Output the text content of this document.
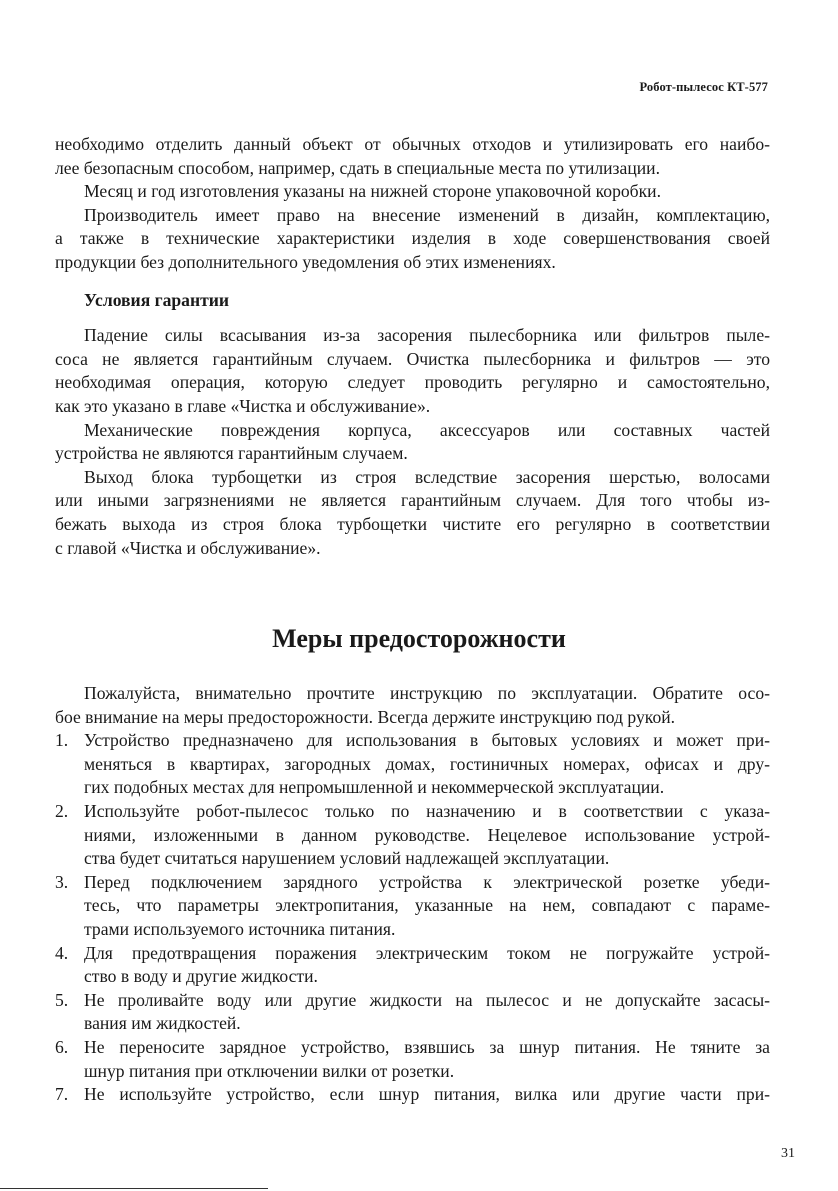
Робот-пылесос КТ-577

необходимо отделить данный объект от обычных отходов и утилизировать его наибо-
лее безопасным способом, например, сдать в специальные места по утилизации.

Месяц и год изготовления указаны на нижней стороне упаковочной коробки.

Производитель имеет право на внесение изменений в дизайн, комплектацию,
а также в технические характеристики изделия в ходе совершенствования своей
продукции без дополнительного уведомления об этих изменениях.

Условия гарантии

Падение силы всасывания из-за засорения пылесборника или фильтров пыле-
соса не является гарантийным случаем. Очистка пылесборника и фильтров — это
необходимая операция, которую следует проводить регулярно и самостоятельно,
как это указано в главе «Чистка и обслуживание».

Механические повреждения корпуса, аксессуаров или составных частей
устройства не являются гарантийным случаем.

Выход блока турбощетки из строя вследствие засорения шерстью, волосами
или иными загрязнениями не является гарантийным случаем. Для того чтобы из-
бежать выхода из строя блока турбощетки чистите его регулярно в соответствии
с главой «Чистка и обслуживание».

Меры предосторожности

Пожалуйста, внимательно прочтите инструкцию по эксплуатации. Обратите осо-
бое внимание на меры предосторожности. Всегда держите инструкцию под рукой.

1. Устройство предназначено для использования в бытовых условиях и может при-
меняться в квартирах, загородных домах, гостиничных номерах, офисах и дру-
гих подобных местах для непромышленной и некоммерческой эксплуатации.
2. Используйте робот-пылесос только по назначению и в соответствии с указа-
ниями, изложенными в данном руководстве. Нецелевое использование устрой-
ства будет считаться нарушением условий надлежащей эксплуатации.
3. Перед подключением зарядного устройства к электрической розетке убеди-
тесь, что параметры электропитания, указанные на нем, совпадают с параме-
трами используемого источника питания.
4. Для предотвращения поражения электрическим током не погружайте устрой-
ство в воду и другие жидкости.
5. Не проливайте воду или другие жидкости на пылесос и не допускайте засасы-
вания им жидкостей.
6. Не переносите зарядное устройство, взявшись за шнур питания. Не тяните за
шнур питания при отключении вилки от розетки.
7. Не используйте устройство, если шнур питания, вилка или другие части при-
31
